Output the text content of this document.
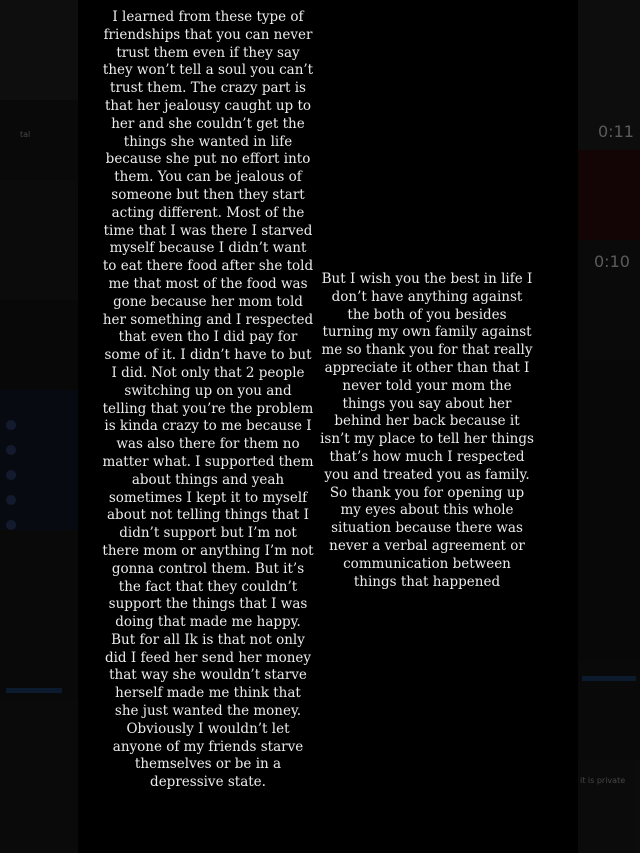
I learned from these type of friendships that you can never trust them even if they say they won’t tell a soul you can’t trust them. The crazy part is that her jealousy caught up to her and she couldn’t get the things she wanted in life because she put no effort into them. You can be jealous of someone but then they start acting different. Most of the time that I was there I starved myself because I didn’t want to eat there food after she told me that most of the food was gone because her mom told her something and I respected that even tho I did pay for some of it. I didn’t have to but I did. Not only that 2 people switching up on you and telling that you’re the problem is kinda crazy to me because I was also there for them no matter what. I supported them about things and yeah sometimes I kept it to myself about not telling things that I didn’t support but I’m not there mom or anything I’m not gonna control them. But it’s the fact that they couldn’t support the things that I was doing that made me happy. But for all Ik is that not only did I feed her send her money that way she wouldn’t starve herself made me think that she just wanted the money. Obviously I wouldn’t let anyone of my friends starve themselves or be in a depressive state.

But I wish you the best in life I don’t have anything against the both of you besides turning my own family against me so thank you for that really appreciate it other than that I never told your mom the things you say about her behind her back because it isn’t my place to tell her things that’s how much I respected you and treated you as family. So thank you for opening up my eyes about this whole situation because there was never a verbal agreement or communication between things that happened
